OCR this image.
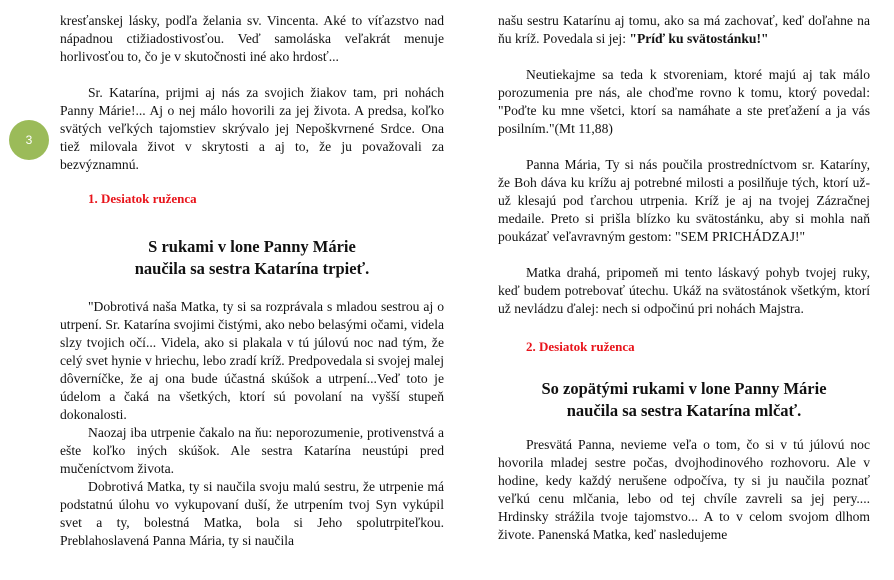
3

kresťanskej lásky, podľa želania sv. Vincenta. Aké to víťazstvo nad nápadnou ctižiadostivosťou. Veď samoláska veľakrát menuje horlivosťou to, čo je v skutočnosti iné ako hrdosť...

Sr. Katarína, prijmi aj nás za svojich žiakov tam, pri nohách Panny Márie!... Aj o nej málo hovorili za jej života. A predsa, koľko svätých veľkých tajomstiev skrývalo jej Nepoškvrnené Srdce. Ona tiež milovala život v skrytosti a aj to, že ju považovali za bezvýznamnú.

1. Desiatok ruženca

S rukami v lone Panny Márie
naučila sa sestra Katarína trpieť.

"Dobrotivá naša Matka, ty si sa rozprávala s mladou sestrou aj o utrpení. Sr. Katarína svojimi čistými, ako nebo belasými očami, videla slzy tvojich očí... Videla, ako si plakala v tú júlovú noc nad tým, že celý svet hynie v hriechu, lebo zradí kríž. Predpovedala si svojej malej dôverníčke, že aj ona bude účastná skúšok a utrpení...Veď toto je údelom a čaká na všetkých, ktorí sú povolaní na vyšší stupeň dokonalosti.

Naozaj iba utrpenie čakalo na ňu: neporozumenie, protivenstvá a ešte koľko iných skúšok. Ale sestra Katarína neustúpi pred mučeníctvom života.

Dobrotivá Matka, ty si naučila svoju malú sestru, že utrpenie má podstatnú úlohu vo vykupovaní duší, že utrpením tvoj Syn vykúpil svet a ty, bolestná Matka, bola si Jeho spolutrpiteľkou. Preblahoslavená Panna Mária, ty si naučila

našu sestru Katarínu aj tomu, ako sa má zachovať, keď doľahne na ňu kríž. Povedala si jej: "Príď ku svätostánku!"

Neutiekajme sa teda k stvoreniam, ktoré majú aj tak málo porozumenia pre nás, ale choďme rovno k tomu, ktorý povedal: "Poďte ku mne všetci, ktorí sa namáhate a ste preťažení a ja vás posilním."(Mt 11,88)

Panna Mária, Ty si nás poučila prostredníctvom sr. Kataríny, že Boh dáva ku krížu aj potrebné milosti a posilňuje tých, ktorí už-už klesajú pod ťarchou utrpenia. Kríž je aj na tvojej Zázračnej medaile. Preto si prišla blízko ku svätostánku, aby si mohla naň poukázať veľavravným gestom: "SEM PRICHÁDZAJ!"

Matka drahá, pripomeň mi tento láskavý pohyb tvojej ruky, keď budem potrebovať útechu. Ukáž na svätostánok všetkým, ktorí už nevládzu ďalej: nech si odpočinú pri nohách Majstra.

2. Desiatok ruženca

So zopätými rukami v lone Panny Márie
naučila sa sestra Katarína mlčať.

Presvätá Panna, nevieme veľa o tom, čo si v tú júlovú noc hovorila mladej sestre počas, dvojhodinového rozhovoru. Ale v hodine, kedy každý nerušene odpočíva, ty si ju naučila poznať veľkú cenu mlčania, lebo od tej chvíle zavreli sa jej pery.... Hrdinsky strážila tvoje tajomstvo... A to v celom svojom dlhom živote. Panenská Matka, keď nasledujeme
